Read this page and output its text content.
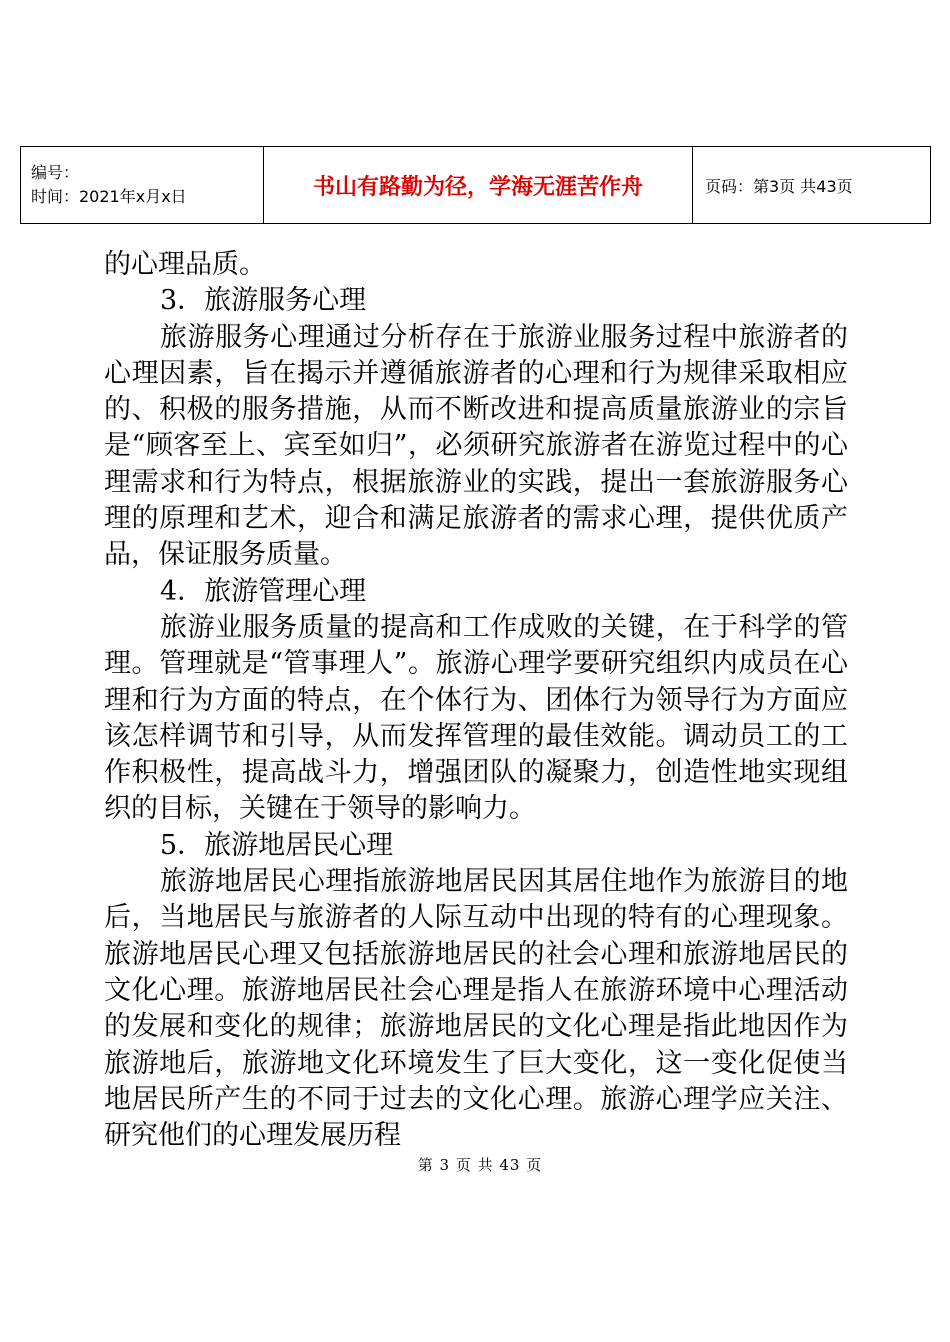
编号：
时间：2021年x月x日	书山有路勤为径，学海无涯苦作舟	页码：第3页 共43页

的心理品质。

3．旅游服务心理

旅游服务心理通过分析存在于旅游业服务过程中旅游者的心理因素，旨在揭示并遵循旅游者的心理和行为规律采取相应的、积极的服务措施，从而不断改进和提高质量旅游业的宗旨是“顾客至上、宾至如归”，必须研究旅游者在游览过程中的心理需求和行为特点，根据旅游业的实践，提出一套旅游服务心理的原理和艺术，迎合和满足旅游者的需求心理，提供优质产品，保证服务质量。

4．旅游管理心理

旅游业服务质量的提高和工作成败的关键，在于科学的管理。管理就是“管事理人”。旅游心理学要研究组织内成员在心理和行为方面的特点，在个体行为、团体行为领导行为方面应该怎样调节和引导，从而发挥管理的最佳效能。调动员工的工作积极性，提高战斗力，增强团队的凝聚力，创造性地实现组织的目标，关键在于领导的影响力。

5．旅游地居民心理

旅游地居民心理指旅游地居民因其居住地作为旅游目的地后，当地居民与旅游者的人际互动中出现的特有的心理现象。旅游地居民心理又包括旅游地居民的社会心理和旅游地居民的文化心理。旅游地居民社会心理是指人在旅游环境中心理活动的发展和变化的规律；旅游地居民的文化心理是指此地因作为旅游地后，旅游地文化环境发生了巨大变化，这一变化促使当地居民所产生的不同于过去的文化心理。旅游心理学应关注、研究他们的心理发展历程

第 3 页 共 43 页
